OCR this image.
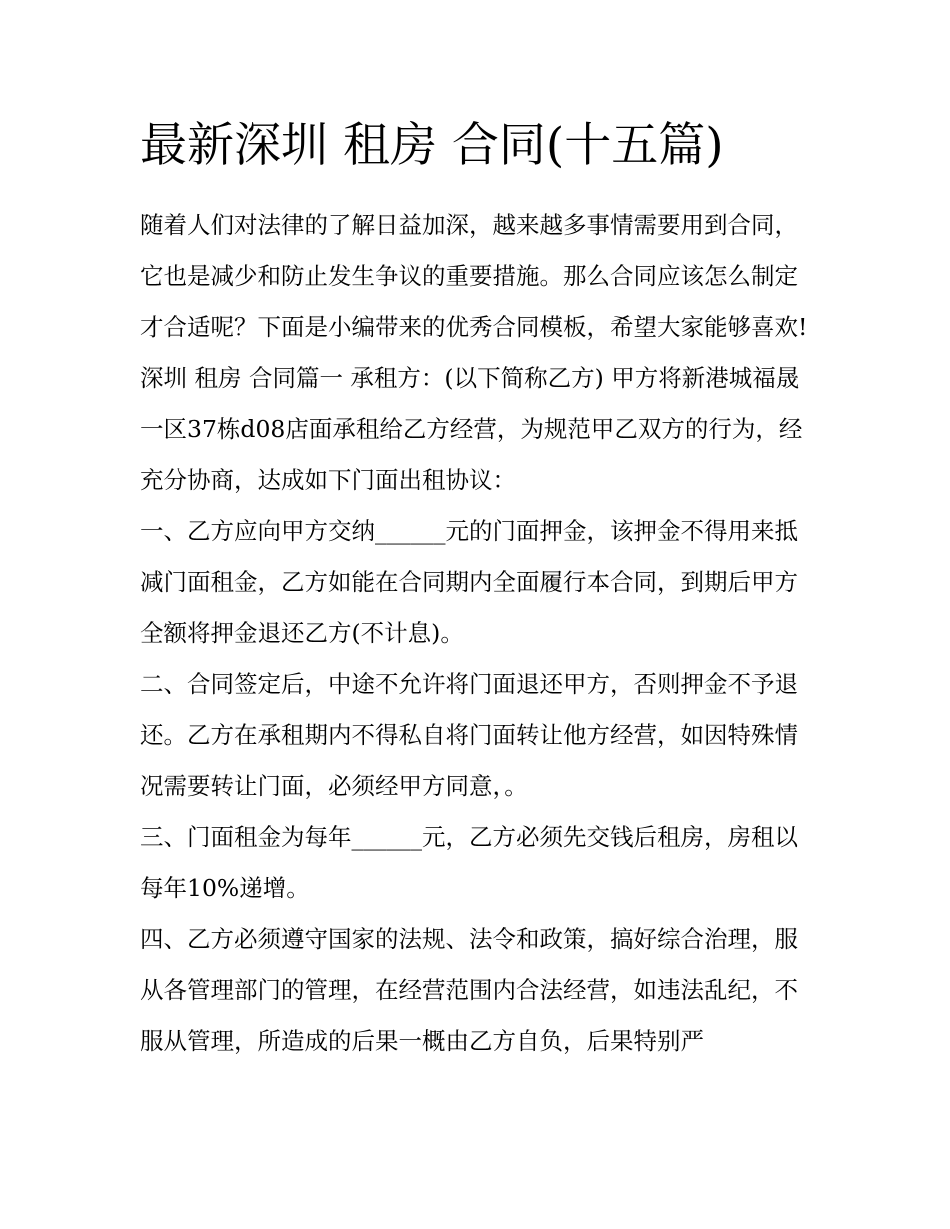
最新深圳 租房 合同(十五篇)

随着人们对法律的了解日益加深，越来越多事情需要用到合同，它也是减少和防止发生争议的重要措施。那么合同应该怎么制定才合适呢？下面是小编带来的优秀合同模板，希望大家能够喜欢!

深圳 租房 合同篇一 承租方：(以下简称乙方) 甲方将新港城福晟一区37栋d08店面承租给乙方经营，为规范甲乙双方的行为，经充分协商，达成如下门面出租协议：

一、乙方应向甲方交纳______元的门面押金，该押金不得用来抵减门面租金，乙方如能在合同期内全面履行本合同，到期后甲方全额将押金退还乙方(不计息)。

二、合同签定后，中途不允许将门面退还甲方，否则押金不予退还。乙方在承租期内不得私自将门面转让他方经营，如因特殊情况需要转让门面，必须经甲方同意，。

三、门面租金为每年______元，乙方必须先交钱后租房，房租以每年10%递增。

四、乙方必须遵守国家的法规、法令和政策，搞好综合治理，服从各管理部门的管理，在经营范围内合法经营，如违法乱纪，不服从管理，所造成的后果一概由乙方自负，后果特别严
